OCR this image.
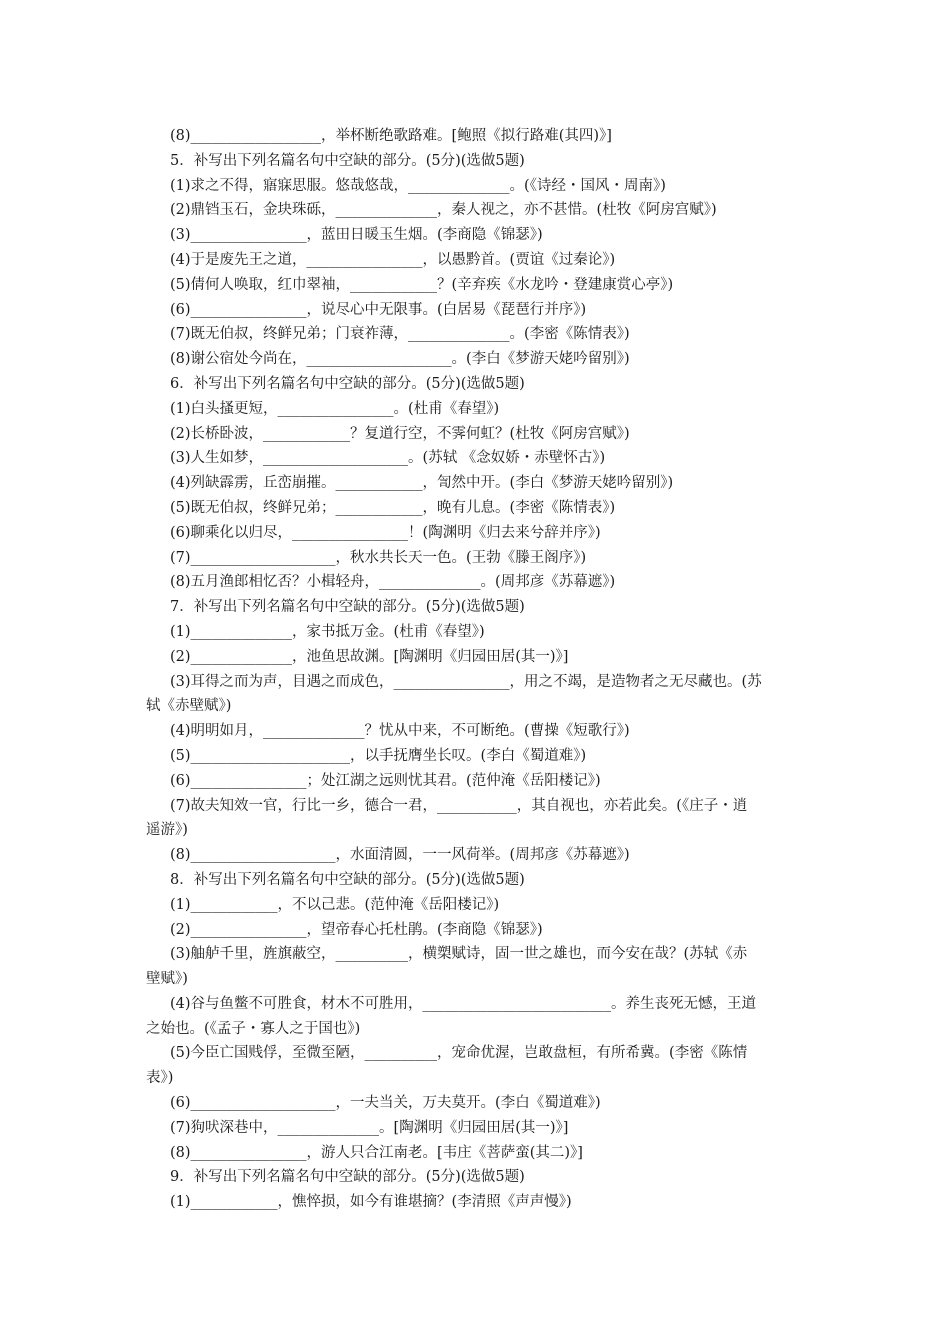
(8)__________________，举杯断绝歌路难。[鲍照《拟行路难(其四)》]
5．补写出下列名篇名句中空缺的部分。(5分)(选做5题)
(1)求之不得，寤寐思服。悠哉悠哉，______________。(《诗经・国风・周南》)
(2)鼎铛玉石，金块珠砾，______________，秦人视之，亦不甚惜。(杜牧《阿房宫赋》)
(3)________________，蓝田日暖玉生烟。(李商隐《锦瑟》)
(4)于是废先王之道，________________，以愚黔首。(贾谊《过秦论》)
(5)倩何人唤取，红巾翠袖，____________？(辛弃疾《水龙吟・登建康赏心亭》)
(6)________________，说尽心中无限事。(白居易《琵琶行并序》)
(7)既无伯叔，终鲜兄弟；门衰祚薄，______________。(李密《陈情表》)
(8)谢公宿处今尚在，____________________。(李白《梦游天姥吟留别》)
6．补写出下列名篇名句中空缺的部分。(5分)(选做5题)
(1)白头搔更短，________________。(杜甫《春望》)
(2)长桥卧波，____________？复道行空，不霁何虹？(杜牧《阿房宫赋》)
(3)人生如梦，____________________。(苏轼 《念奴娇・赤壁怀古》)
(4)列缺霹雳，丘峦崩摧。____________，訇然中开。(李白《梦游天姥吟留别》)
(5)既无伯叔，终鲜兄弟；____________，晚有儿息。(李密《陈情表》)
(6)聊乘化以归尽，________________！(陶渊明《归去来兮辞并序》)
(7)____________________，秋水共长天一色。(王勃《滕王阁序》)
(8)五月渔郎相忆否？小楫轻舟，______________。(周邦彦《苏幕遮》)
7．补写出下列名篇名句中空缺的部分。(5分)(选做5题)
(1)______________，家书抵万金。(杜甫《春望》)
(2)______________，池鱼思故渊。[陶渊明《归园田居(其一)》]
(3)耳得之而为声，目遇之而成色，________________，用之不竭，是造物者之无尽藏也。(苏
轼《赤壁赋》)
(4)明明如月，______________？忧从中来，不可断绝。(曹操《短歌行》)
(5)______________________，以手抚膺坐长叹。(李白《蜀道难》)
(6)________________；处江湖之远则忧其君。(范仲淹《岳阳楼记》)
(7)故夫知效一官，行比一乡，德合一君，___________，其自视也，亦若此矣。(《庄子・逍
遥游》)
(8)____________________，水面清圆，一一风荷举。(周邦彦《苏幕遮》)
8．补写出下列名篇名句中空缺的部分。(5分)(选做5题)
(1)____________，不以己悲。(范仲淹《岳阳楼记》)
(2)________________，望帝春心托杜鹃。(李商隐《锦瑟》)
(3)舳舻千里，旌旗蔽空，__________，横槊赋诗，固一世之雄也，而今安在哉？(苏轼《赤
壁赋》)
(4)谷与鱼鳖不可胜食，材木不可胜用，__________________________。养生丧死无憾，王道
之始也。(《孟子・寡人之于国也》)
(5)今臣亡国贱俘，至微至陋，__________，宠命优渥，岂敢盘桓，有所希冀。(李密《陈情
表》)
(6)____________________，一夫当关，万夫莫开。(李白《蜀道难》)
(7)狗吠深巷中，______________。[陶渊明《归园田居(其一)》]
(8)________________，游人只合江南老。[韦庄《菩萨蛮(其二)》]
9．补写出下列名篇名句中空缺的部分。(5分)(选做5题)
(1)____________，憔悴损，如今有谁堪摘？(李清照《声声慢》)
